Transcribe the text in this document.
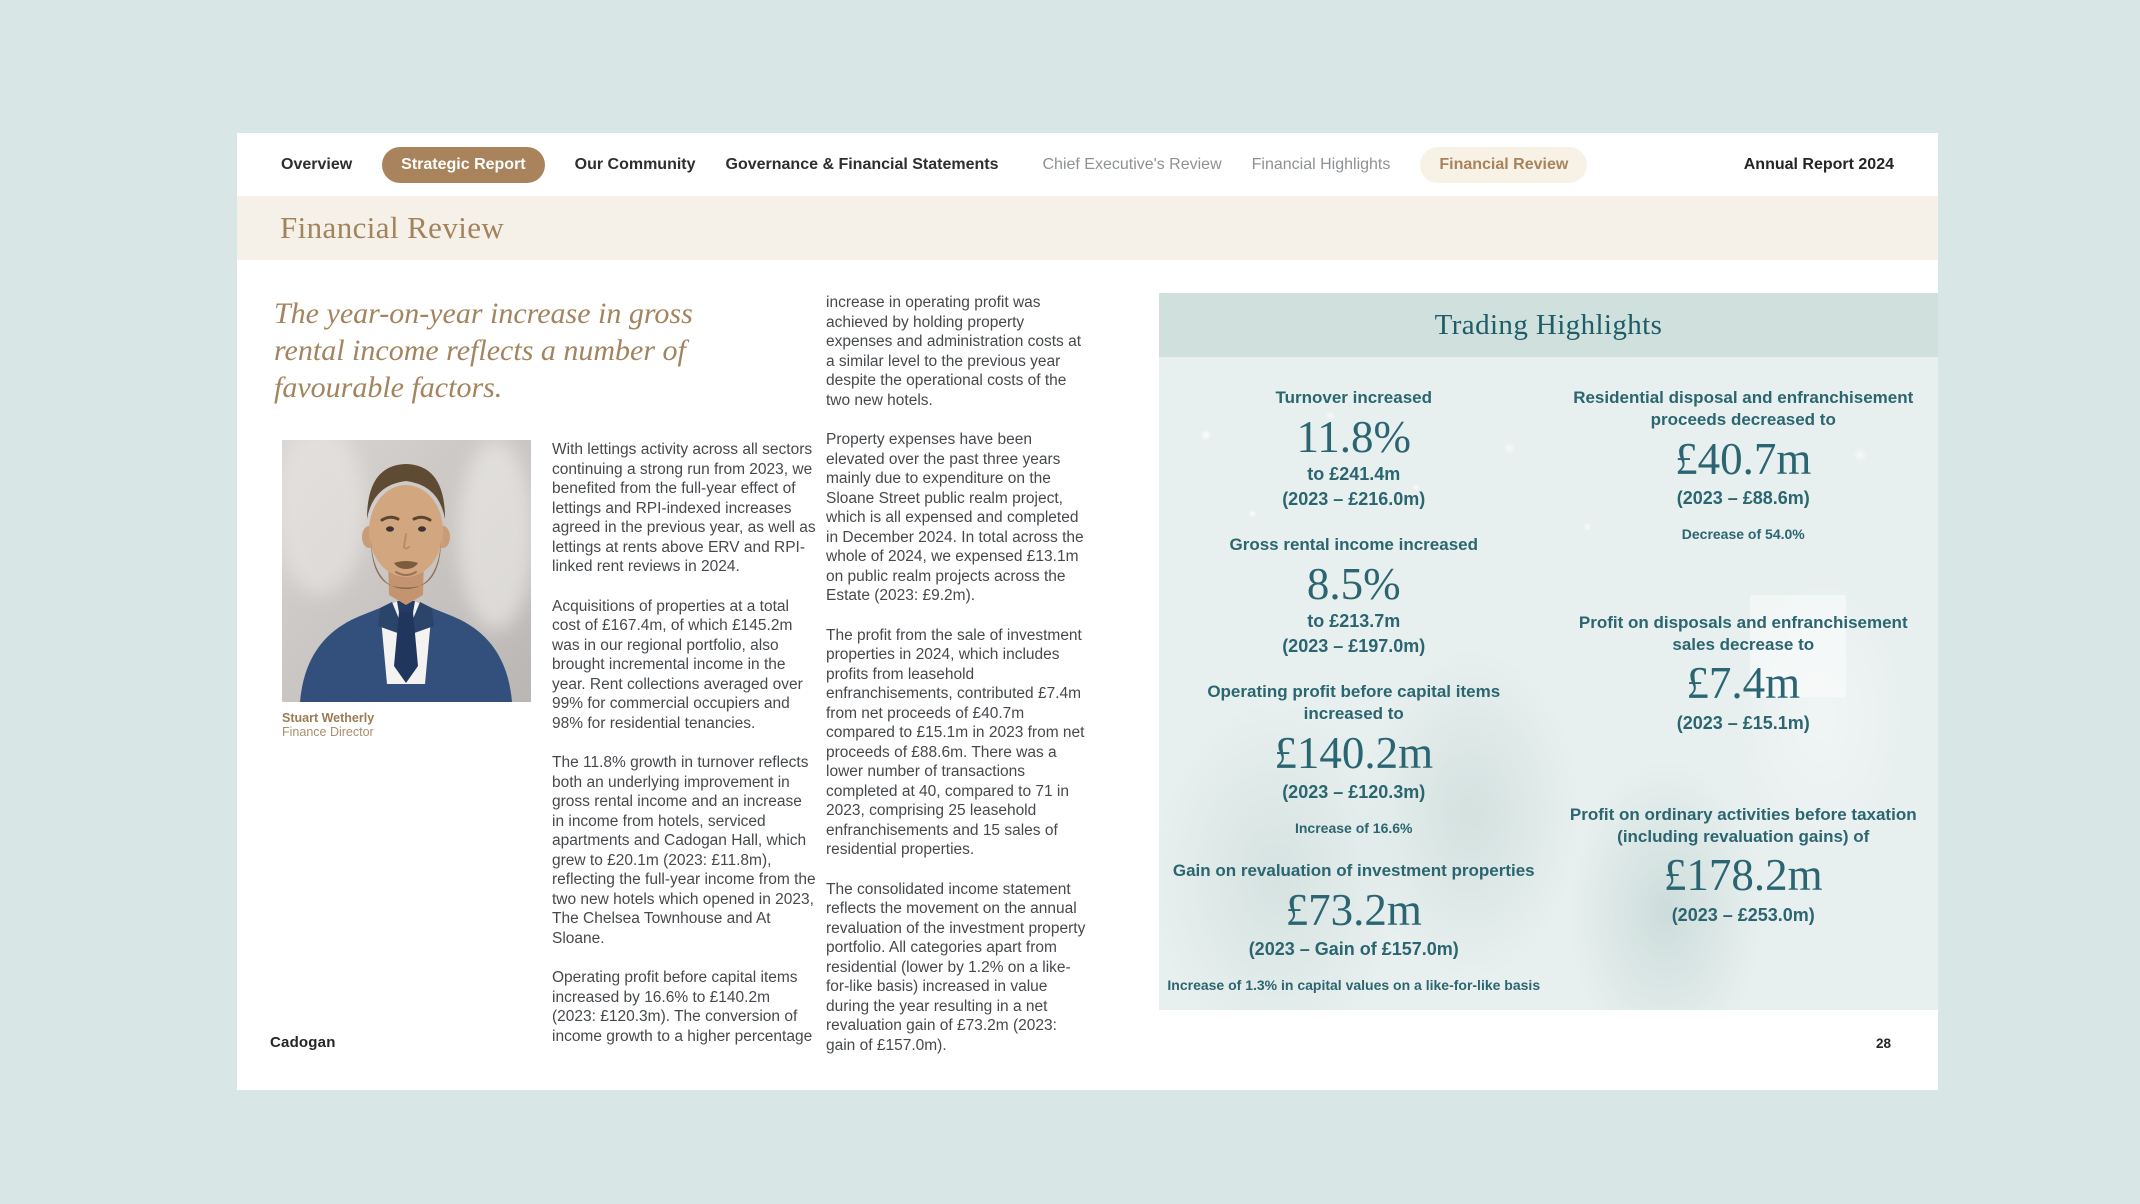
Overview	Strategic Report	Our Community Governance & Financial Statements	Chief Executive's Review Financial Highlights	Financial Review	Annual Report 2024
Financial Review

The year-on-year increase in gross rental income reflects a number of favourable factors.

Stuart Wetherly
Finance Director

With lettings activity across all sectors continuing a strong run from 2023, we benefited from the full-year effect of lettings and RPI-indexed increases agreed in the previous year, as well as lettings at rents above ERV and RPI-linked rent reviews in 2024.

Acquisitions of properties at a total cost of £167.4m, of which £145.2m was in our regional portfolio, also brought incremental income in the year. Rent collections averaged over 99% for commercial occupiers and 98% for residential tenancies.

The 11.8% growth in turnover reflects both an underlying improvement in gross rental income and an increase in income from hotels, serviced apartments and Cadogan Hall, which grew to £20.1m (2023: £11.8m), reflecting the full-year income from the two new hotels which opened in 2023, The Chelsea Townhouse and At Sloane.

Operating profit before capital items increased by 16.6% to £140.2m (2023: £120.3m). The conversion of income growth to a higher percentage

increase in operating profit was achieved by holding property expenses and administration costs at a similar level to the previous year despite the operational costs of the two new hotels.

Property expenses have been elevated over the past three years mainly due to expenditure on the Sloane Street public realm project, which is all expensed and completed in December 2024. In total across the whole of 2024, we expensed £13.1m on public realm projects across the Estate (2023: £9.2m).

The profit from the sale of investment properties in 2024, which includes profits from leasehold enfranchisements, contributed £7.4m from net proceeds of £40.7m compared to £15.1m in 2023 from net proceeds of £88.6m. There was a lower number of transactions completed at 40, compared to 71 in 2023, comprising 25 leasehold enfranchisements and 15 sales of residential properties.

The consolidated income statement reflects the movement on the annual revaluation of the investment property portfolio. All categories apart from residential (lower by 1.2% on a like-for-like basis) increased in value during the year resulting in a net revaluation gain of £73.2m (2023: gain of £157.0m).

Trading Highlights
Turnover increased
11.8%
to £241.4m
(2023 – £216.0m)
Gross rental income increased
8.5%
to £213.7m
(2023 – £197.0m)
Operating profit before capital items increased to
£140.2m
(2023 – £120.3m)
Increase of 16.6%
Gain on revaluation of investment properties
£73.2m
(2023 – Gain of £157.0m)
Increase of 1.3% in capital values on a like-for-like basis
Residential disposal and enfranchisement proceeds decreased to
£40.7m
(2023 – £88.6m)
Decrease of 54.0%
Profit on disposals and enfranchisement sales decrease to
£7.4m
(2023 – £15.1m)
Profit on ordinary activities before taxation (including revaluation gains) of
£178.2m
(2023 – £253.0m)
Cadogan	28
